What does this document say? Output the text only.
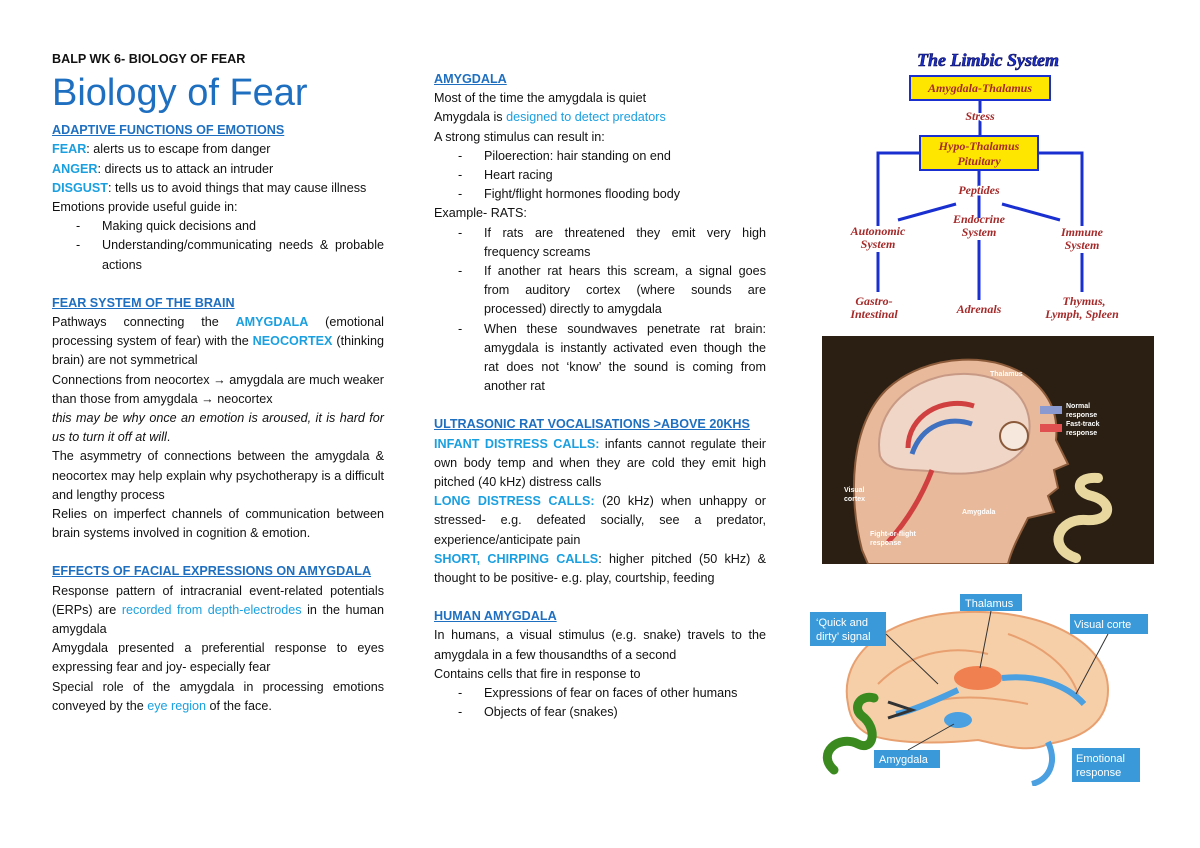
BALP WK 6- BIOLOGY OF FEAR
Biology of Fear
ADAPTIVE FUNCTIONS OF EMOTIONS
FEAR: alerts us to escape from danger
ANGER: directs us to attack an intruder
DISGUST: tells us to avoid things that may cause illness
Emotions provide useful guide in:
- Making quick decisions and
- Understanding/communicating needs & probable actions
FEAR SYSTEM OF THE BRAIN
Pathways connecting the AMYGDALA (emotional processing system of fear) with the NEOCORTEX (thinking brain) are not symmetrical
Connections from neocortex → amygdala are much weaker than those from amygdala → neocortex
this may be why once an emotion is aroused, it is hard for us to turn it off at will.
The asymmetry of connections between the amygdala & neocortex may help explain why psychotherapy is a difficult and lengthy process
Relies on imperfect channels of communication between brain systems involved in cognition & emotion.
EFFECTS OF FACIAL EXPRESSIONS ON AMYGDALA
Response pattern of intracranial event-related potentials (ERPs) are recorded from depth-electrodes in the human amygdala
Amygdala presented a preferential response to eyes expressing fear and joy- especially fear
Special role of the amygdala in processing emotions conveyed by the eye region of the face.
AMYGDALA
Most of the time the amygdala is quiet
Amygdala is designed to detect predators
A strong stimulus can result in:
- Piloerection: hair standing on end
- Heart racing
- Fight/flight hormones flooding body
Example- RATS:
- If rats are threatened they emit very high frequency screams
- If another rat hears this scream, a signal goes from auditory cortex (where sounds are processed) directly to amygdala
- When these soundwaves penetrate rat brain: amygdala is instantly activated even though the rat does not ‘know’ the sound is coming from another rat
ULTRASONIC RAT VOCALISATIONS >ABOVE 20KHS
INFANT DISTRESS CALLS: infants cannot regulate their own body temp and when they are cold they emit high pitched (40 kHz) distress calls
LONG DISTRESS CALLS: (20 kHz) when unhappy or stressed- e.g. defeated socially, see a predator, experience/anticipate pain
SHORT, CHIRPING CALLS: higher pitched (50 kHz) & thought to be positive- e.g. play, courtship, feeding
HUMAN AMYGDALA
In humans, a visual stimulus (e.g. snake) travels to the amygdala in a few thousandths of a second
Contains cells that fire in response to
- Expressions of fear on faces of other humans
- Objects of fear (snakes)
The Limbic System
Amygdala-Thalamus
Stress
Hypo-Thalamus
Pituitary
Peptides
Autonomic
System
Endocrine
System	Immune
System
Gastro-
Intestinal	Adrenals
Thymus,
Lymph, Spleen
Thalamus
Normal
response
Fast-track
response
Visual
cortex
Amygdala
Fight-or-flight
response
‘Quick and
dirty’ signal
Thalamus
Visual corte
Amygdala	Emotional
response
